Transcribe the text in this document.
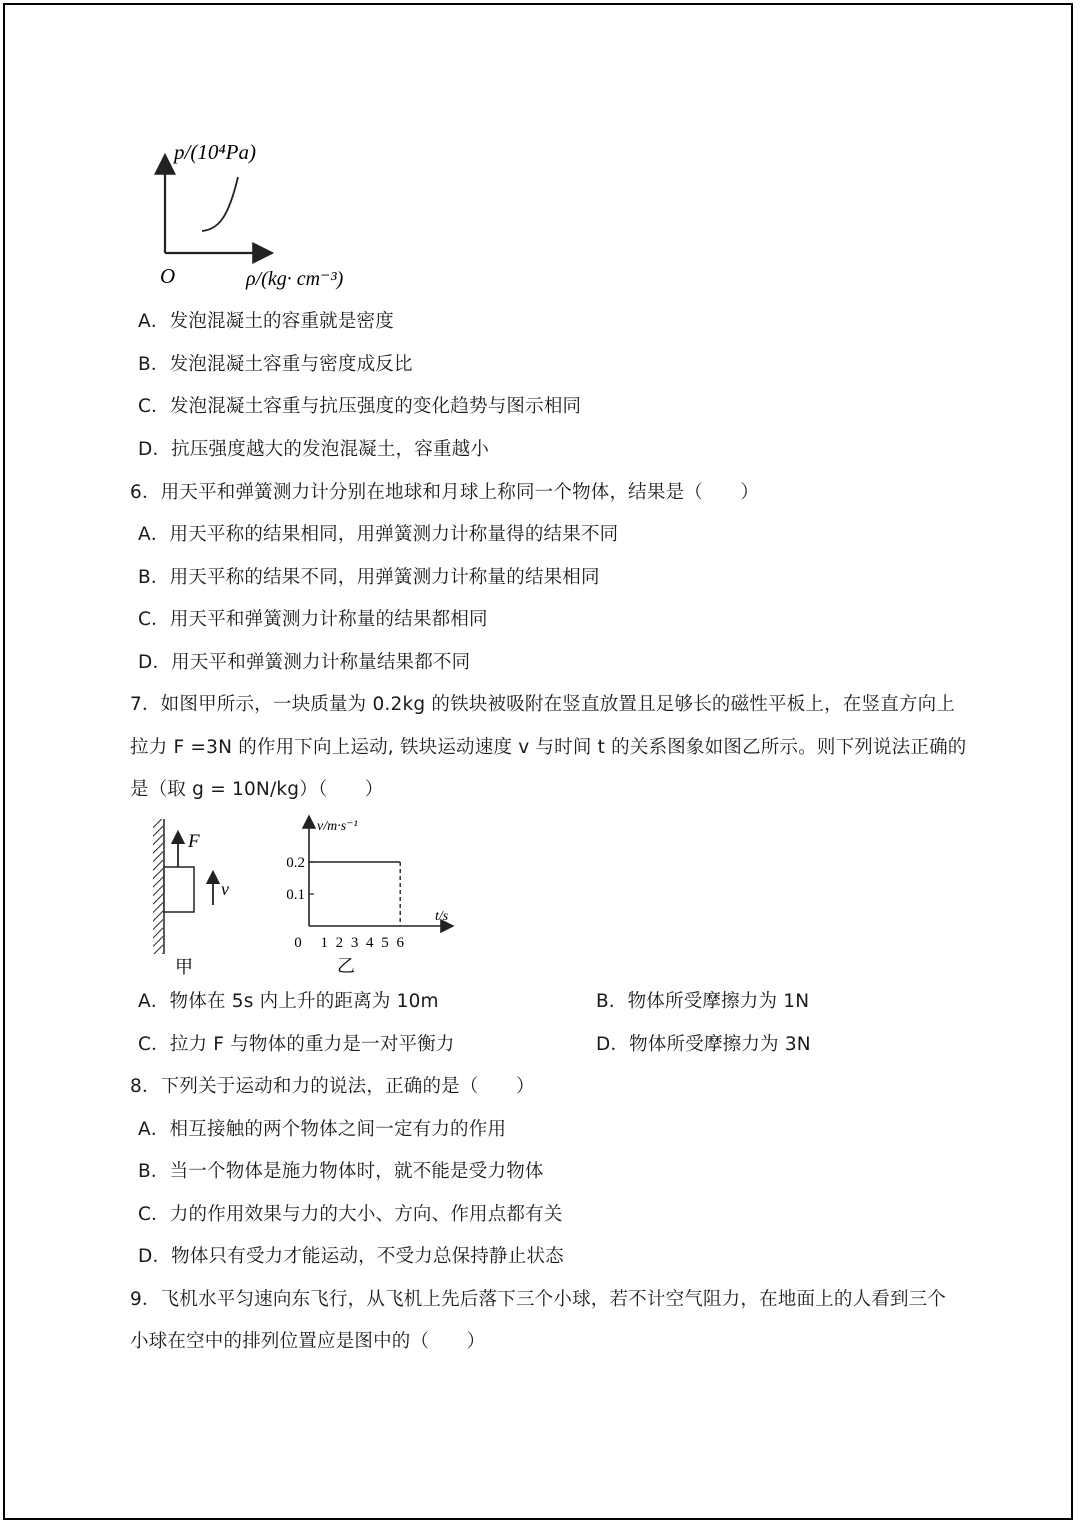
p/(10⁴Pa)
O	ρ/(kg· cm⁻³)
A．发泡混凝土的容重就是密度
B．发泡混凝土容重与密度成反比
C．发泡混凝土容重与抗压强度的变化趋势与图示相同
D．抗压强度越大的发泡混凝土，容重越小
6．用天平和弹簧测力计分别在地球和月球上称同一个物体，结果是（　　）
A．用天平称的结果相同，用弹簧测力计称量得的结果不同
B．用天平称的结果不同，用弹簧测力计称量的结果相同
C．用天平和弹簧测力计称量的结果都相同
D．用天平和弹簧测力计称量结果都不同
7．如图甲所示，一块质量为 0.2kg 的铁块被吸附在竖直放置且足够长的磁性平板上，在竖直方向上
拉力 F =3N 的作用下向上运动, 铁块运动速度 v 与时间 t 的关系图象如图乙所示。则下列说法正确的
是（取 g = 10N/kg）（　　）
F
v
甲
v/m·s⁻¹
t/s
0.2
0.1
0 1 2 3 4 5 6
乙
A．物体在 5s 内上升的距离为 10m	B．物体所受摩擦力为 1N
C．拉力 F 与物体的重力是一对平衡力	D．物体所受摩擦力为 3N
8．下列关于运动和力的说法，正确的是（　　）
A．相互接触的两个物体之间一定有力的作用
B．当一个物体是施力物体时，就不能是受力物体
C．力的作用效果与力的大小、方向、作用点都有关
D．物体只有受力才能运动，不受力总保持静止状态
9．飞机水平匀速向东飞行，从飞机上先后落下三个小球，若不计空气阻力，在地面上的人看到三个
小球在空中的排列位置应是图中的（　　）
